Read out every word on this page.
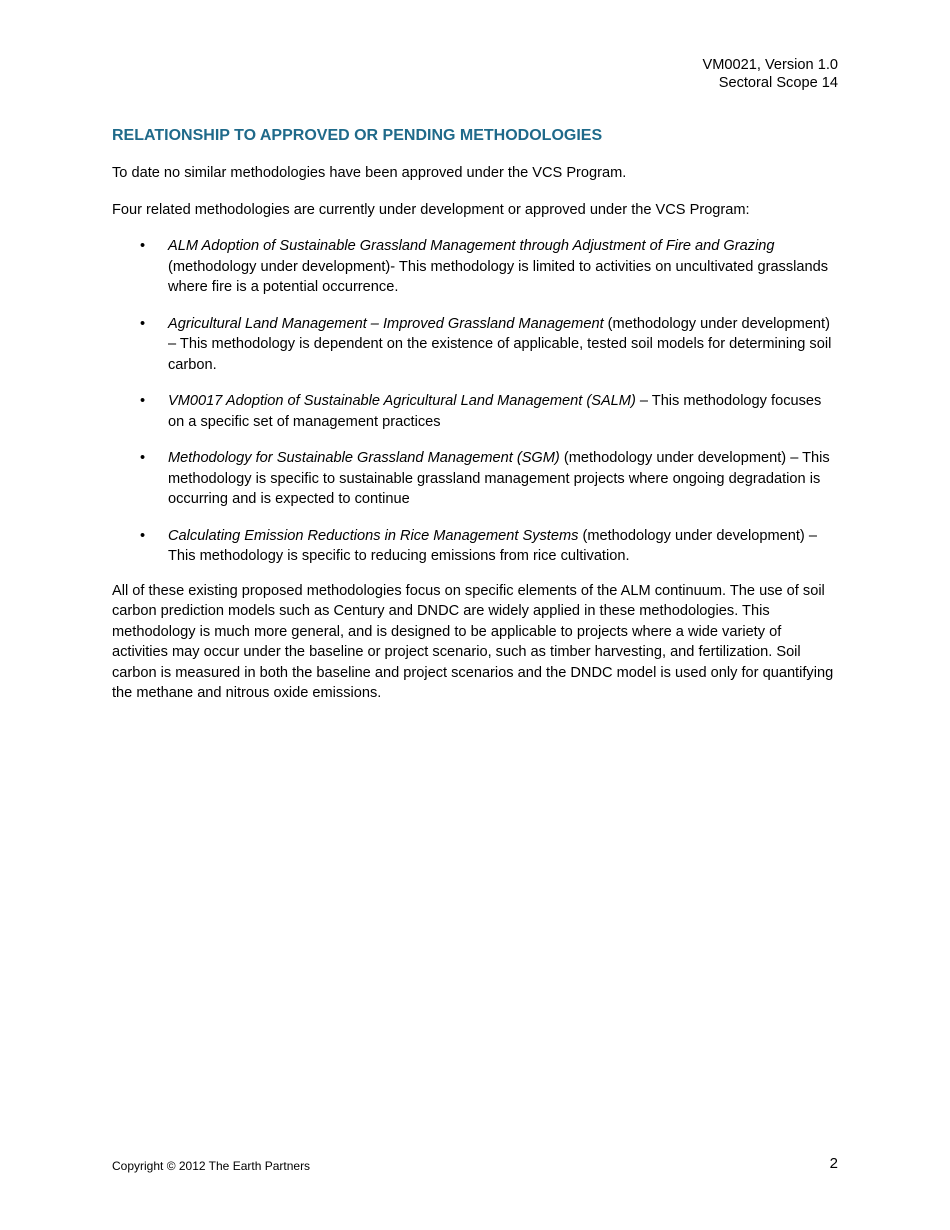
VM0021, Version 1.0
Sectoral Scope 14
RELATIONSHIP TO APPROVED OR PENDING METHODOLOGIES

To date no similar methodologies have been approved under the VCS Program.

Four related methodologies are currently under development or approved under the VCS Program:

• ALM Adoption of Sustainable Grassland Management through Adjustment of Fire and Grazing (methodology under development)- This methodology is limited to activities on uncultivated grasslands where fire is a potential occurrence.
• Agricultural Land Management – Improved Grassland Management (methodology under development) – This methodology is dependent on the existence of applicable, tested soil models for determining soil carbon.
• VM0017 Adoption of Sustainable Agricultural Land Management (SALM) – This methodology focuses on a specific set of management practices
• Methodology for Sustainable Grassland Management (SGM) (methodology under development) – This methodology is specific to sustainable grassland management projects where ongoing degradation is occurring and is expected to continue
• Calculating Emission Reductions in Rice Management Systems (methodology under development) – This methodology is specific to reducing emissions from rice cultivation.

All of these existing proposed methodologies focus on specific elements of the ALM continuum. The use of soil carbon prediction models such as Century and DNDC are widely applied in these methodologies. This methodology is much more general, and is designed to be applicable to projects where a wide variety of activities may occur under the baseline or project scenario, such as timber harvesting, and fertilization. Soil carbon is measured in both the baseline and project scenarios and the DNDC model is used only for quantifying the methane and nitrous oxide emissions.

Copyright © 2012 The Earth Partners	2
